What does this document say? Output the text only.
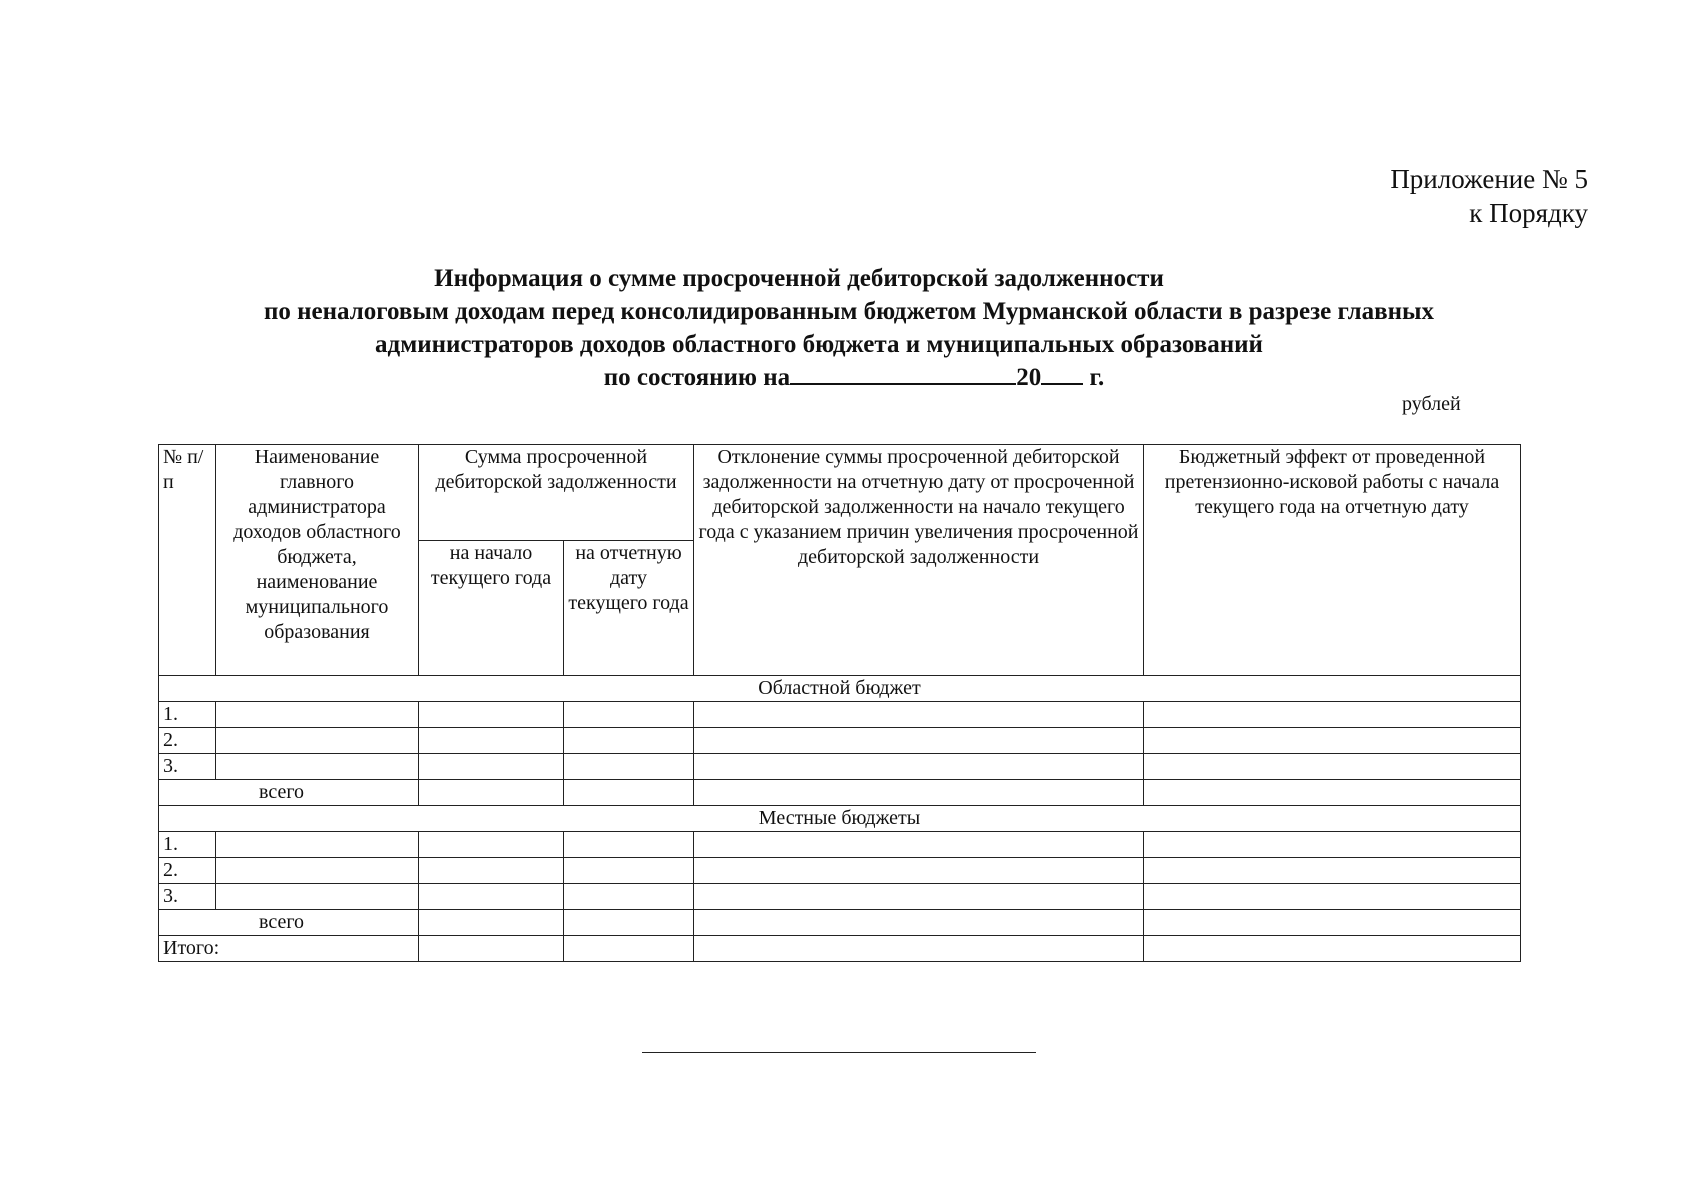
Приложение № 5
к Порядку
Информация о сумме просроченной дебиторской задолженности
по неналоговым доходам перед консолидированным бюджетом Мурманской области в разрезе главных
администраторов доходов областного бюджета и муниципальных образований
по состоянию на	20 г.
рублей
№ п/п	Наименование главного администратора доходов областного бюджета, наименование муниципального образования	Сумма просроченной дебиторской задолженности		Отклонение суммы просроченной дебиторской задолженности на отчетную дату от просроченной дебиторской задолженности на начало текущего года с указанием причин увеличения просроченной дебиторской задолженности	Бюджетный эффект от проведенной претензионно-исковой работы с начала текущего года на отчетную дату
		на начало текущего года	на отчетную дату текущего года		
Областной бюджет					
1.					
2.					
3.					
всего					
Местные бюджеты					
1.					
2.					
3.					
всего					
Итого:					
